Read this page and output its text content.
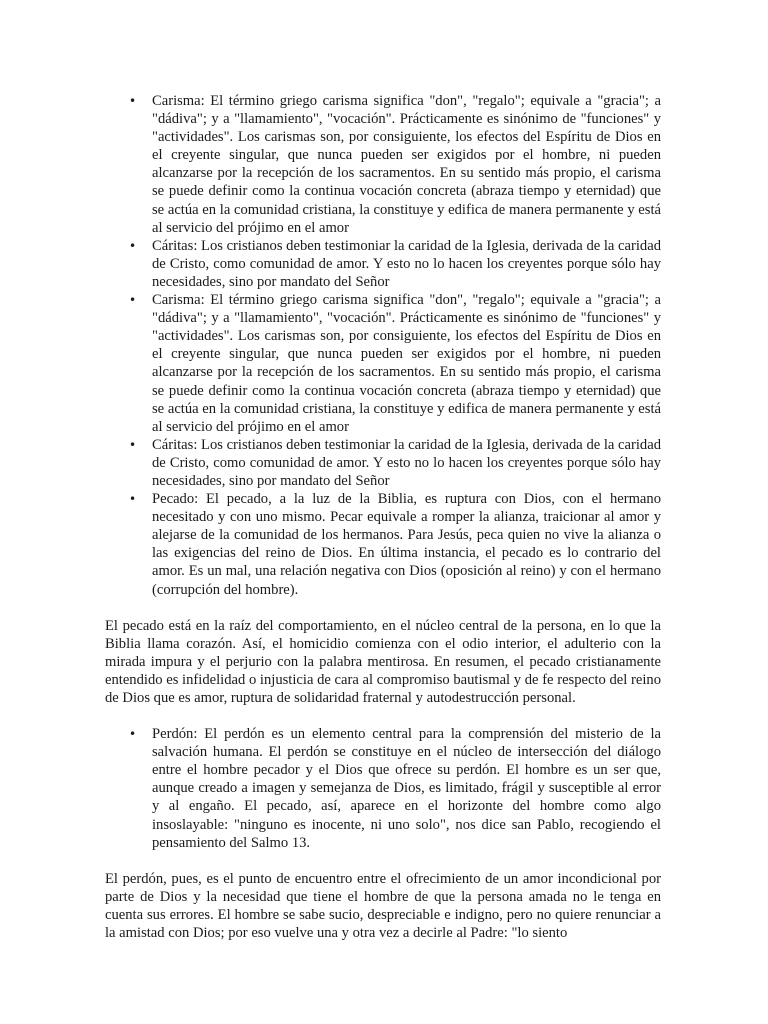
• Carisma: El término griego carisma significa "don", "regalo"; equivale a "gracia"; a "dádiva"; y a "llamamiento", "vocación". Prácticamente es sinónimo de "funciones" y "actividades". Los carismas son, por consiguiente, los efectos del Espíritu de Dios en el creyente singular, que nunca pueden ser exigidos por el hombre, ni pueden alcanzarse por la recepción de los sacramentos. En su sentido más propio, el carisma se puede definir como la continua vocación concreta (abraza tiempo y eternidad) que se actúa en la comunidad cristiana, la constituye y edifica de manera permanente y está al servicio del prójimo en el amor
• Cáritas: Los cristianos deben testimoniar la caridad de la Iglesia, derivada de la caridad de Cristo, como comunidad de amor. Y esto no lo hacen los creyentes porque sólo hay necesidades, sino por mandato del Señor
• Carisma: El término griego carisma significa "don", "regalo"; equivale a "gracia"; a "dádiva"; y a "llamamiento", "vocación". Prácticamente es sinónimo de "funciones" y "actividades". Los carismas son, por consiguiente, los efectos del Espíritu de Dios en el creyente singular, que nunca pueden ser exigidos por el hombre, ni pueden alcanzarse por la recepción de los sacramentos. En su sentido más propio, el carisma se puede definir como la continua vocación concreta (abraza tiempo y eternidad) que se actúa en la comunidad cristiana, la constituye y edifica de manera permanente y está al servicio del prójimo en el amor
• Cáritas: Los cristianos deben testimoniar la caridad de la Iglesia, derivada de la caridad de Cristo, como comunidad de amor. Y esto no lo hacen los creyentes porque sólo hay necesidades, sino por mandato del Señor
• Pecado: El pecado, a la luz de la Biblia, es ruptura con Dios, con el hermano necesitado y con uno mismo. Pecar equivale a romper la alianza, traicionar al amor y alejarse de la comunidad de los hermanos. Para Jesús, peca quien no vive la alianza o las exigencias del reino de Dios. En última instancia, el pecado es lo contrario del amor. Es un mal, una relación negativa con Dios (oposición al reino) y con el hermano (corrupción del hombre).

El pecado está en la raíz del comportamiento, en el núcleo central de la persona, en lo que la Biblia llama corazón. Así, el homicidio comienza con el odio interior, el adulterio con la mirada impura y el perjurio con la palabra mentirosa. En resumen, el pecado cristianamente entendido es infidelidad o injusticia de cara al compromiso bautismal y de fe respecto del reino de Dios que es amor, ruptura de solidaridad fraternal y autodestrucción personal.

• Perdón: El perdón es un elemento central para la comprensión del misterio de la salvación humana. El perdón se constituye en el núcleo de intersección del diálogo entre el hombre pecador y el Dios que ofrece su perdón. El hombre es un ser que, aunque creado a imagen y semejanza de Dios, es limitado, frágil y susceptible al error y al engaño. El pecado, así, aparece en el horizonte del hombre como algo insoslayable: "ninguno es inocente, ni uno solo", nos dice san Pablo, recogiendo el pensamiento del Salmo 13.

El perdón, pues, es el punto de encuentro entre el ofrecimiento de un amor incondicional por parte de Dios y la necesidad que tiene el hombre de que la persona amada no le tenga en cuenta sus errores. El hombre se sabe sucio, despreciable e indigno, pero no quiere renunciar a la amistad con Dios; por eso vuelve una y otra vez a decirle al Padre: "lo siento
